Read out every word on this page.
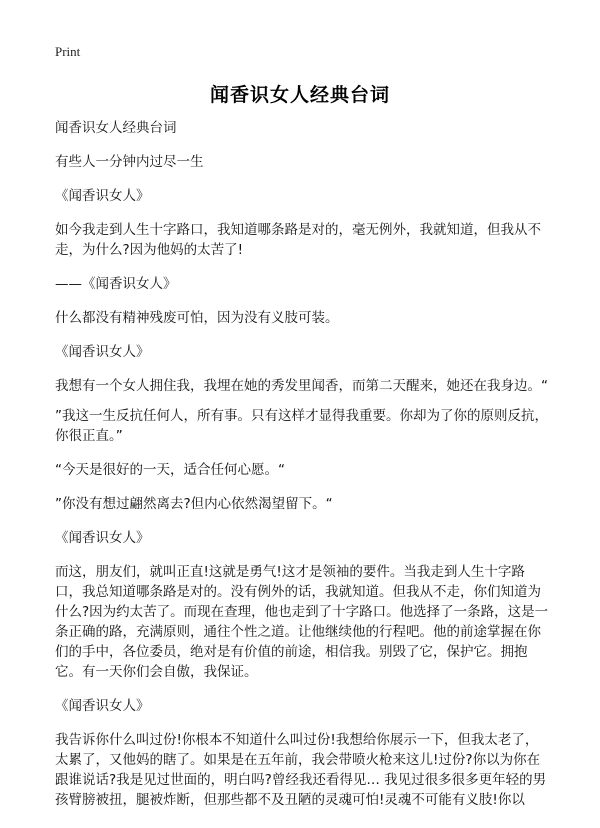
Print
闻香识女人经典台词

闻香识女人经典台词

有些人一分钟内过尽一生

《闻香识女人》

如今我走到人生十字路口，我知道哪条路是对的，毫无例外，我就知道，但我从不走，为什么?因为他妈的太苦了!

——《闻香识女人》

什么都没有精神残废可怕，因为没有义肢可装。

《闻香识女人》

我想有一个女人拥住我，我埋在她的秀发里闻香，而第二天醒来，她还在我身边。“

”我这一生反抗任何人，所有事。只有这样才显得我重要。你却为了你的原则反抗，你很正直。”

“今天是很好的一天，适合任何心愿。“

”你没有想过翩然离去?但内心依然渴望留下。“

《闻香识女人》

而这，朋友们，就叫正直!这就是勇气!这才是领袖的要件。当我走到人生十字路口，我总知道哪条路是对的。没有例外的话，我就知道。但我从不走，你们知道为什么?因为约太苦了。而现在查理，他也走到了十字路口。他选择了一条路，这是一条正确的路，充满原则，通往个性之道。让他继续他的行程吧。他的前途掌握在你们的手中，各位委员，绝对是有价值的前途，相信我。别毁了它，保护它。拥抱它。有一天你们会自傲，我保证。

《闻香识女人》

我告诉你什么叫过份!你根本不知道什么叫过份!我想给你展示一下，但我太老了，太累了，又他妈的瞎了。如果是在五年前，我会带喷火枪来这儿!过份?你以为你在跟谁说话?我是见过世面的，明白吗?曾经我还看得见… 我见过很多很多更年轻的男孩臂膀被扭，腿被炸断，但那些都不及丑陋的灵魂可怕!灵魂不可能有义肢!你以
